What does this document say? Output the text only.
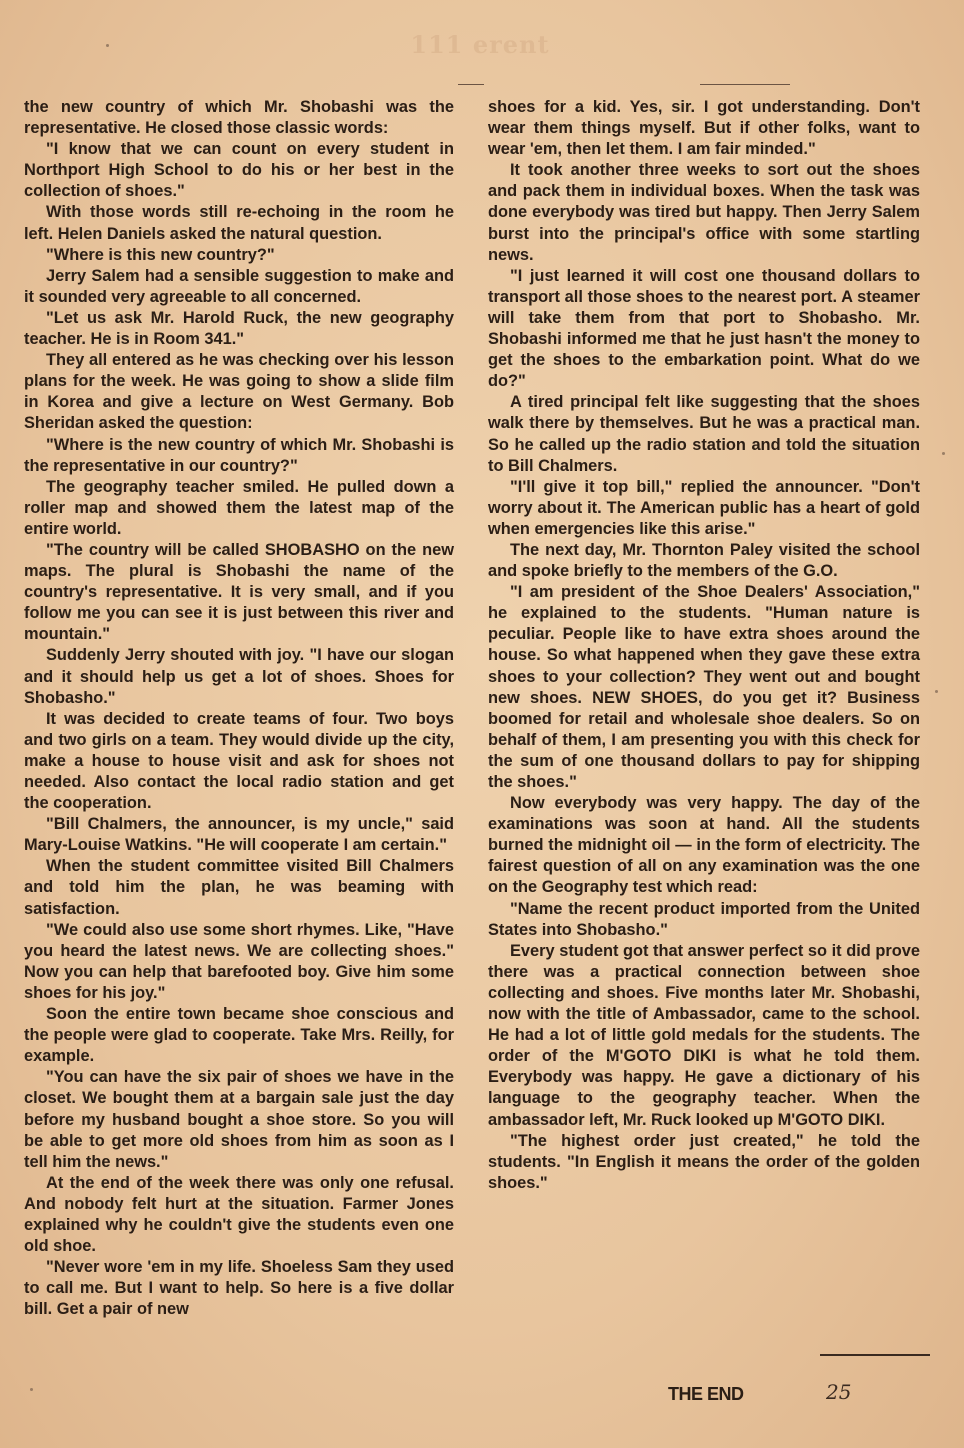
111 erent

the new country of which Mr. Shobashi was the representative. He closed those classic words:

"I know that we can count on every student in Northport High School to do his or her best in the collection of shoes."

With those words still re-echoing in the room he left. Helen Daniels asked the natural question.

"Where is this new country?"

Jerry Salem had a sensible suggestion to make and it sounded very agreeable to all concerned.

"Let us ask Mr. Harold Ruck, the new geography teacher. He is in Room 341."

They all entered as he was checking over his lesson plans for the week. He was going to show a slide film in Korea and give a lecture on West Germany. Bob Sheridan asked the question:

"Where is the new country of which Mr. Shobashi is the representative in our country?"

The geography teacher smiled. He pulled down a roller map and showed them the latest map of the entire world.

"The country will be called SHOBASHO on the new maps. The plural is Shobashi the name of the country's representative. It is very small, and if you follow me you can see it is just between this river and mountain."

Suddenly Jerry shouted with joy. "I have our slogan and it should help us get a lot of shoes. Shoes for Shobasho."

It was decided to create teams of four. Two boys and two girls on a team. They would divide up the city, make a house to house visit and ask for shoes not needed. Also contact the local radio station and get the cooperation.

"Bill Chalmers, the announcer, is my uncle," said Mary-Louise Watkins. "He will cooperate I am certain."

When the student committee visited Bill Chalmers and told him the plan, he was beaming with satisfaction.

"We could also use some short rhymes. Like, "Have you heard the latest news. We are collecting shoes." Now you can help that barefooted boy. Give him some shoes for his joy."

Soon the entire town became shoe conscious and the people were glad to cooperate. Take Mrs. Reilly, for example.

"You can have the six pair of shoes we have in the closet. We bought them at a bargain sale just the day before my husband bought a shoe store. So you will be able to get more old shoes from him as soon as I tell him the news."

At the end of the week there was only one refusal. And nobody felt hurt at the situation. Farmer Jones explained why he couldn't give the students even one old shoe.

"Never wore 'em in my life. Shoeless Sam they used to call me. But I want to help. So here is a five dollar bill. Get a pair of new

shoes for a kid. Yes, sir. I got understanding. Don't wear them things myself. But if other folks, want to wear 'em, then let them. I am fair minded."

It took another three weeks to sort out the shoes and pack them in individual boxes. When the task was done everybody was tired but happy. Then Jerry Salem burst into the principal's office with some startling news.

"I just learned it will cost one thousand dollars to transport all those shoes to the nearest port. A steamer will take them from that port to Shobasho. Mr. Shobashi informed me that he just hasn't the money to get the shoes to the embarkation point. What do we do?"

A tired principal felt like suggesting that the shoes walk there by themselves. But he was a practical man. So he called up the radio station and told the situation to Bill Chalmers.

"I'll give it top bill," replied the announcer. "Don't worry about it. The American public has a heart of gold when emergencies like this arise."

The next day, Mr. Thornton Paley visited the school and spoke briefly to the members of the G.O.

"I am president of the Shoe Dealers' Association," he explained to the students. "Human nature is peculiar. People like to have extra shoes around the house. So what happened when they gave these extra shoes to your collection? They went out and bought new shoes. NEW SHOES, do you get it? Business boomed for retail and wholesale shoe dealers. So on behalf of them, I am presenting you with this check for the sum of one thousand dollars to pay for shipping the shoes."

Now everybody was very happy. The day of the examinations was soon at hand. All the students burned the midnight oil — in the form of electricity. The fairest question of all on any examination was the one on the Geography test which read:

"Name the recent product imported from the United States into Shobasho."

Every student got that answer perfect so it did prove there was a practical connection between shoe collecting and shoes. Five months later Mr. Shobashi, now with the title of Ambassador, came to the school. He had a lot of little gold medals for the students. The order of the M'GOTO DIKI is what he told them. Everybody was happy. He gave a dictionary of his language to the geography teacher. When the ambassador left, Mr. Ruck looked up M'GOTO DIKI.

"The highest order just created," he told the students. "In English it means the order of the golden shoes."

THE END	25
